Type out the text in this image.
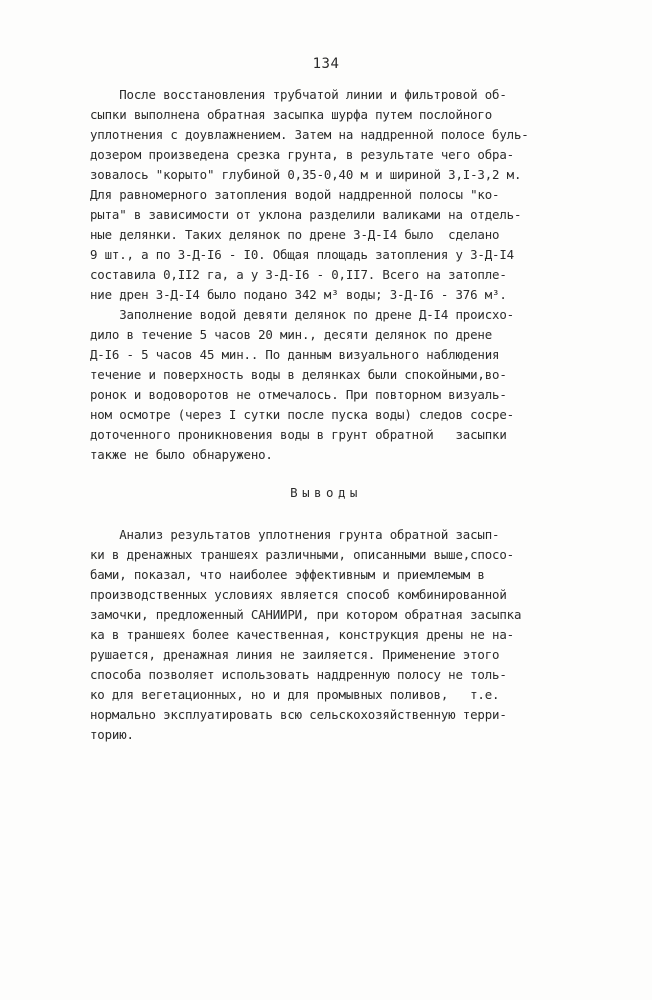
134
После восстановления трубчатой линии и фильтровой об-
сыпки выполнена обратная засыпка шурфа путем послойного
уплотнения с доувлажнением. Затем на наддренной полосе буль-
дозером произведена срезка грунта, в результате чего обра-
зовалось "корыто" глубиной 0,35-0,40 м и шириной 3,I-3,2 м.
Для равномерного затопления водой наддренной полосы "ко-
рыта" в зависимости от уклона разделили валиками на отдель-
ные делянки. Таких делянок по дрене 3-Д-I4 было  сделано
9 шт., а по 3-Д-I6 - I0. Общая площадь затопления у 3-Д-I4
составила 0,II2 га, а у 3-Д-I6 - 0,II7. Всего на затопле-
ние дрен 3-Д-I4 было подано 342 м³ воды; 3-Д-I6 - 376 м³.
Заполнение водой девяти делянок по дрене Д-I4 происхо-
дило в течение 5 часов 20 мин., десяти делянок по дрене
Д-I6 - 5 часов 45 мин.. По данным визуального наблюдения
течение и поверхность воды в делянках были спокойными,во-
ронок и водоворотов не отмечалось. При повторном визуаль-
ном осмотре (через I сутки после пуска воды) следов сосре-
доточенного проникновения воды в грунт обратной   засыпки
также не было обнаружено.
Выводы
Анализ результатов уплотнения грунта обратной засып-
ки в дренажных траншеях различными, описанными выше,спосо-
бами, показал, что наиболее эффективным и приемлемым в
производственных условиях является способ комбинированной
замочки, предложенный САНИИРИ, при котором обратная засыпка
ка в траншеях более качественная, конструкция дрены не на-
рушается, дренажная линия не заиляется. Применение этого
способа позволяет использовать наддренную полосу не толь-
ко для вегетационных, но и для промывных поливов,   т.е.
нормально эксплуатировать всю сельскохозяйственную терри-
торию.
